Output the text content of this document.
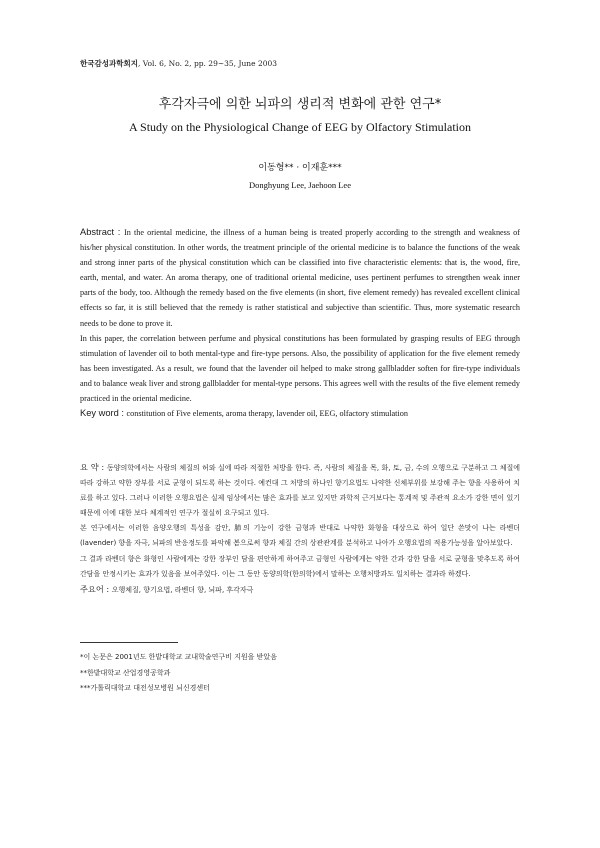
한국감성과학회지, Vol. 6, No. 2, pp. 29~35, June 2003
후각자극에 의한 뇌파의 생리적 변화에 관한 연구*
A Study on the Physiological Change of EEG by Olfactory Stimulation
이동형** · 이재훈***
Donghyung Lee, Jaehoon Lee

Abstract : In the oriental medicine, the illness of a human being is treated properly according to the strength and weakness of his/her physical constitution. In other words, the treatment principle of the oriental medicine is to balance the functions of the weak and strong inner parts of the physical constitution which can be classified into five characteristic elements: that is, the wood, fire, earth, mental, and water. An aroma therapy, one of traditional oriental medicine, uses pertinent perfumes to strengthen weak inner parts of the body, too. Although the remedy based on the five elements (in short, five element remedy) has revealed excellent clinical effects so far, it is still believed that the remedy is rather statistical and subjective than scientific. Thus, more systematic research needs to be done to prove it.

In this paper, the correlation between perfume and physical constitutions has been formulated by grasping results of EEG through stimulation of lavender oil to both mental-type and fire-type persons. Also, the possibility of application for the five element remedy has been investigated. As a result, we found that the lavender oil helped to make strong gallbladder soften for fire-type individuals and to balance weak liver and strong gallbladder for mental-type persons. This agrees well with the results of the five element remedy practiced in the oriental medicine.

Key word : constitution of Five elements, aroma therapy, lavender oil, EEG, olfactory stimulation

요 약 : 동양의학에서는 사람의 체질의 허와 실에 따라 적절한 처방을 한다. 즉, 사람의 체질을 목, 화, 토, 금, 수의 오행으로 구분하고 그 체질에 따라 강하고 약한 장부를 서로 균형이 되도록 하는 것이다. 예컨대 그 처방의 하나인 향기요법도 나약한 신체부위를 보강해 주는 향을 사용하여 치료를 하고 있다. 그러나 이러한 오행요법은 실제 임상에서는 많은 효과를 보고 있지만 과학적 근거보다는 통계적 및 주관적 요소가 강한 면이 있기 때문에 이에 대한 보다 체계적인 연구가 절실히 요구되고 있다.

본 연구에서는 이러한 음양오행의 특성을 감안, 肺의 기능이 강한 금형과 반대로 나약한 화형을 대상으로 하여 일단 쓴맛이 나는 라벤더(lavender) 향을 자극, 뇌파의 반응정도를 파악해 봄으로써 향과 체질 간의 상관관계를 분석하고 나아가 오행요법의 적용가능성을 알아보았다.

그 결과 라벤더 향은 화형인 사람에게는 강한 장부인 담을 편안하게 하여주고 금형인 사람에게는 약한 간과 강한 담을 서로 균형을 맞추도록 하여 간담을 안정시키는 효과가 있음을 보여주었다. 이는 그 동안 동양의학(한의학)에서 말하는 오행처방과도 일치하는 결과라 하겠다.

주요어 : 오행체질, 향기요법, 라벤더 향, 뇌파, 후각자극

*이 논문은 2001년도 한밭대학교 교내학술연구비 지원을 받았음

**한밭대학교 산업경영공학과

***가톨릭대학교 대전성모병원 뇌신경센터
